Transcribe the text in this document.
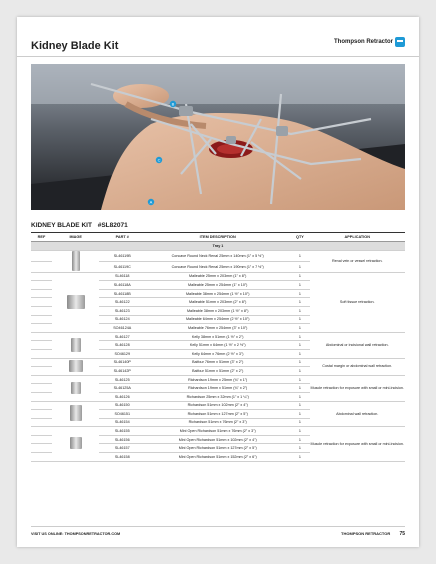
Kidney Blade Kit	Thompson Retractor
B
C
A
KIDNEY BLADE KIT #SL82071
REF	IMAGE	PART #	ITEM DESCRIPTION	QTY	APPLICATION
Tray 1					
		SL46119B	Concave Round Neck Renal 25mm x 140mm (1" x 5 ½")	1	Renal vein or vessel retraction.
		SL46119C	Concave Round Neck Renal 25mm x 190mm (1" x 7 ½")	1	
		SL46118	Malleable 25mm x 203mm (1" x 8")	1	Soft tissue retraction.
		SL46118A	Malleable 25mm x 254mm (1" x 10")	1	
		SL46118B	Malleable 38mm x 254mm (1 ½" x 10")	1	
		SL46122	Malleable 51mm x 203mm (2" x 8")	1	
		SL46123	Malleable 38mm x 203mm (1 ½" x 8")	1	
		SL46124	Malleable 64mm x 254mm (2 ½" x 10")	1	
		SO46124A	Malleable 76mm x 254mm (3" x 10")	1	
		SL46127	Kelly 38mm x 51mm (1 ½" x 2")	1	Abdominal or incisional wall retraction.
		SL46128	Kelly 51mm x 64mm (1 ½" x 2 ½")	1	
		SO46129	Kelly 64mm x 76mm (2 ½" x 3")	1	
		SL46140P	Balfour 76mm x 51mm (3" x 2")	1	Costal margin or abdominal wall retraction.
		SL46142P	Balfour 51mm x 51mm (2" x 2")	1	
		SL46125	Richardson 19mm x 25mm (¾" x 1")	1	Muscle retraction for exposure with small or mini-incision.
		SL46125A	Richardson 19mm x 51mm (¾" x 2")	1	
		SL46126	Richardson 25mm x 32mm (1" x 1 ¼")	1	
		SL46150	Richardson 51mm x 102mm (2" x 4")	1	Abdominal wall retraction.
		SO46151	Richardson 51mm x 127mm (2" x 5")	1	
		SL46154	Richardson 51mm x 76mm (2" x 3")	1	
		SL46155	Mini Open Richardson 51mm x 76mm (2" x 3")	1	Muscle retraction for exposure with small or mini-incision.
		SL46156	Mini Open Richardson 51mm x 102mm (2" x 4")	1	
		SL46157	Mini Open Richardson 51mm x 127mm (2" x 5")	1	
		SL46158	Mini Open Richardson 51mm x 152mm (2" x 6")	1	
VISIT US ONLINE: THOMPSONRETRACTOR.COM	THOMPSON RETRACTOR 75
